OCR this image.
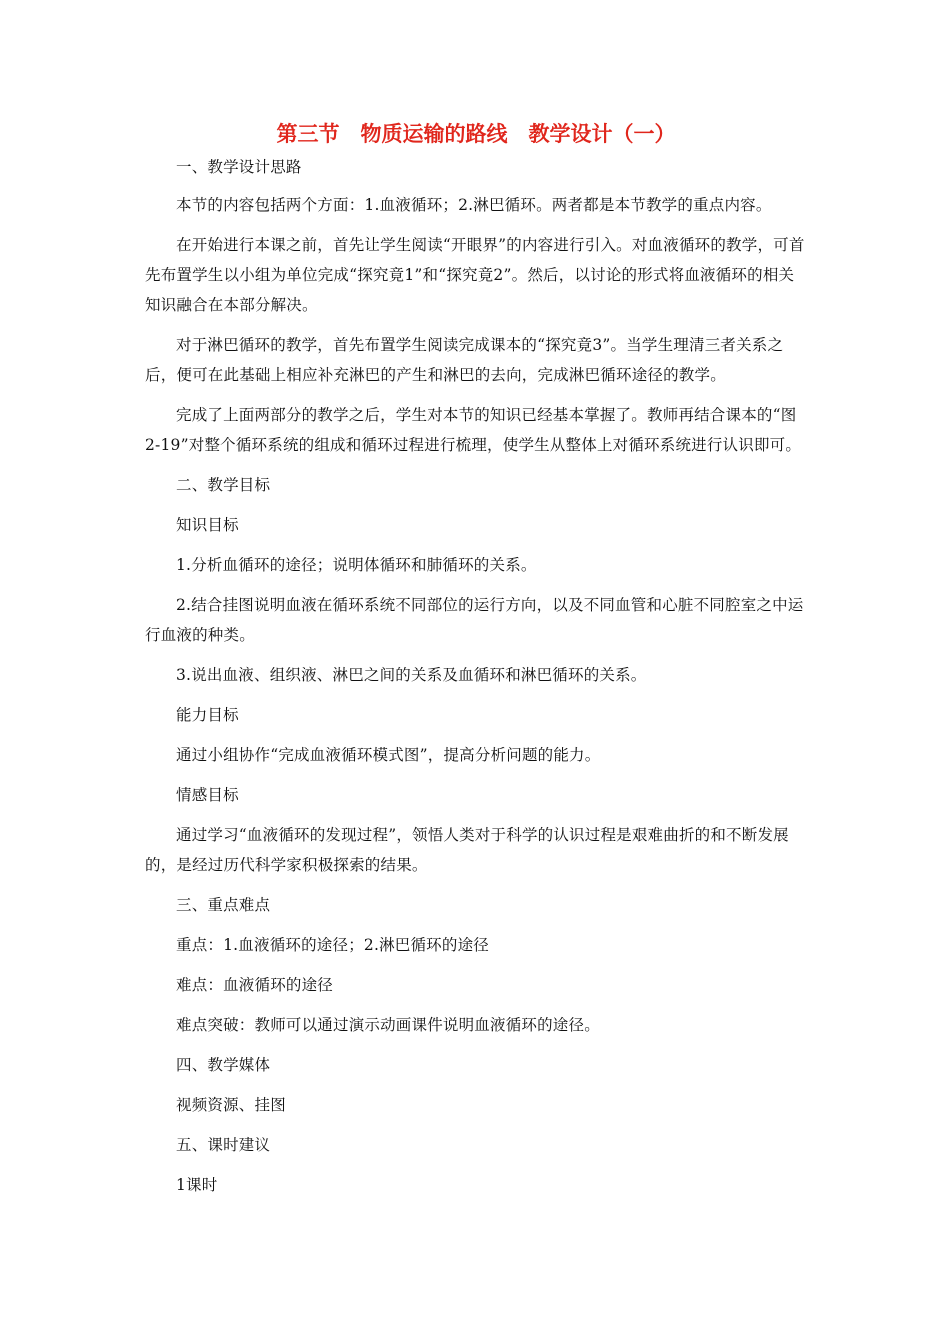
第三节　物质运输的路线　教学设计（一）
一、教学设计思路
本节的内容包括两个方面：1.血液循环；2.淋巴循环。两者都是本节教学的重点内容。
在开始进行本课之前，首先让学生阅读“开眼界”的内容进行引入。对血液循环的教学，可首先布置学生以小组为单位完成“探究竟1”和“探究竟2”。然后，以讨论的形式将血液循环的相关知识融合在本部分解决。
对于淋巴循环的教学，首先布置学生阅读完成课本的“探究竟3”。当学生理清三者关系之后，便可在此基础上相应补充淋巴的产生和淋巴的去向，完成淋巴循环途径的教学。
完成了上面两部分的教学之后，学生对本节的知识已经基本掌握了。教师再结合课本的“图2-19”对整个循环系统的组成和循环过程进行梳理，使学生从整体上对循环系统进行认识即可。
二、教学目标
知识目标
1.分析血循环的途径；说明体循环和肺循环的关系。
2.结合挂图说明血液在循环系统不同部位的运行方向，以及不同血管和心脏不同腔室之中运行血液的种类。
3.说出血液、组织液、淋巴之间的关系及血循环和淋巴循环的关系。
能力目标
通过小组协作“完成血液循环模式图”，提高分析问题的能力。
情感目标
通过学习“血液循环的发现过程”，领悟人类对于科学的认识过程是艰难曲折的和不断发展的，是经过历代科学家积极探索的结果。
三、重点难点
重点：1.血液循环的途径；2.淋巴循环的途径
难点：血液循环的途径
难点突破：教师可以通过演示动画课件说明血液循环的途径。
四、教学媒体
视频资源、挂图
五、课时建议
1课时
